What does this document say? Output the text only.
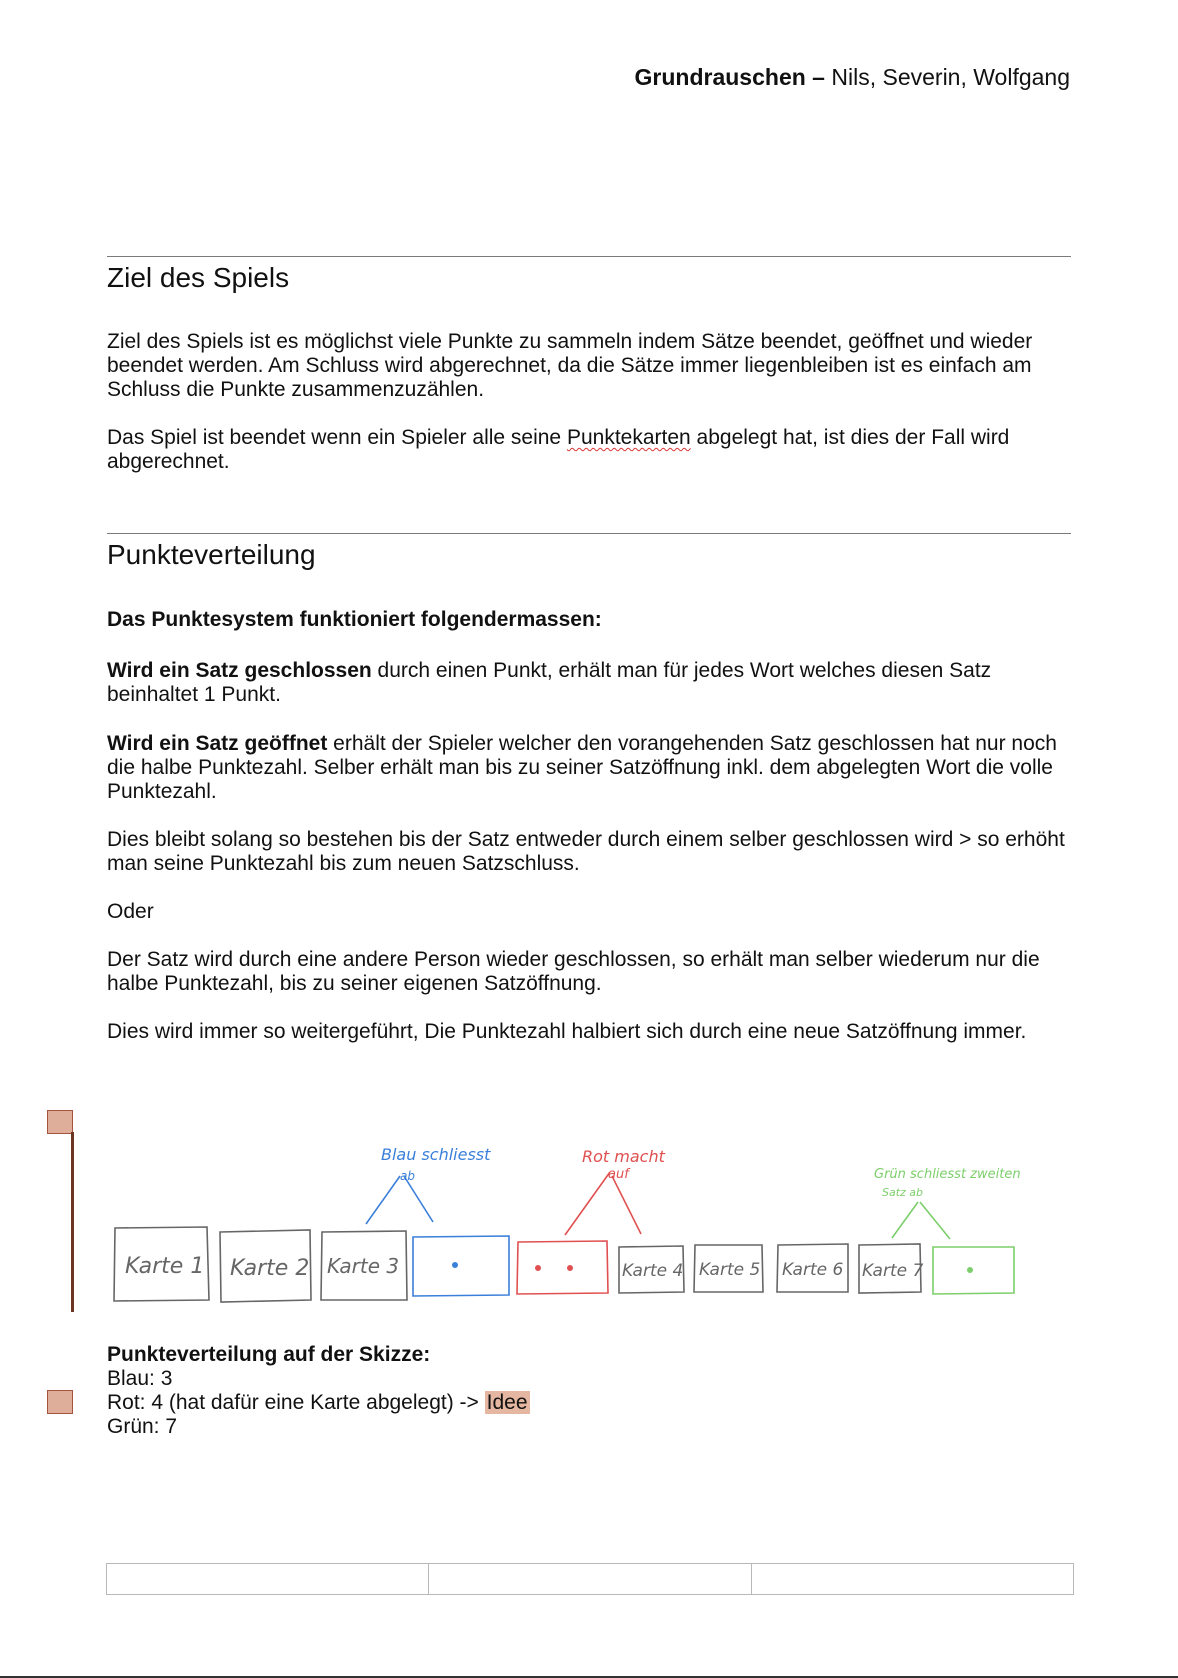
Grundrauschen – Nils, Severin, Wolfgang
Ziel des Spiels
Ziel des Spiels ist es möglichst viele Punkte zu sammeln indem Sätze beendet, geöffnet und wieder beendet werden. Am Schluss wird abgerechnet, da die Sätze immer liegenbleiben ist es einfach am Schluss die Punkte zusammenzuzählen.
Das Spiel ist beendet wenn ein Spieler alle seine Punktekarten abgelegt hat, ist dies der Fall wird abgerechnet.
Punkteverteilung
Das Punktesystem funktioniert folgendermassen:
Wird ein Satz geschlossen durch einen Punkt, erhält man für jedes Wort welches diesen Satz beinhaltet 1 Punkt.
Wird ein Satz geöffnet erhält der Spieler welcher den vorangehenden Satz geschlossen hat nur noch die halbe Punktezahl. Selber erhält man bis zu seiner Satzöffnung inkl. dem abgelegten Wort die volle Punktezahl.
Dies bleibt solang so bestehen bis der Satz entweder durch einem selber geschlossen wird > so erhöht man seine Punktezahl bis zum neuen Satzschluss.
Oder
Der Satz wird durch eine andere Person wieder geschlossen, so erhält man selber wiederum nur die halbe Punktezahl, bis zu seiner eigenen Satzöffnung.
Dies wird immer so weitergeführt, Die Punktezahl halbiert sich durch eine neue Satzöffnung immer.
Karte 1 Karte 2 Karte 3	Karte 4 Karte 5 Karte 6 Karte 7
Blau schliesst
ab
Rot macht
auf	Grün schliesst zweiten
Satz ab
Punkteverteilung auf der Skizze:
Blau: 3
Rot: 4 (hat dafür eine Karte abgelegt) -> Idee
Grün: 7
